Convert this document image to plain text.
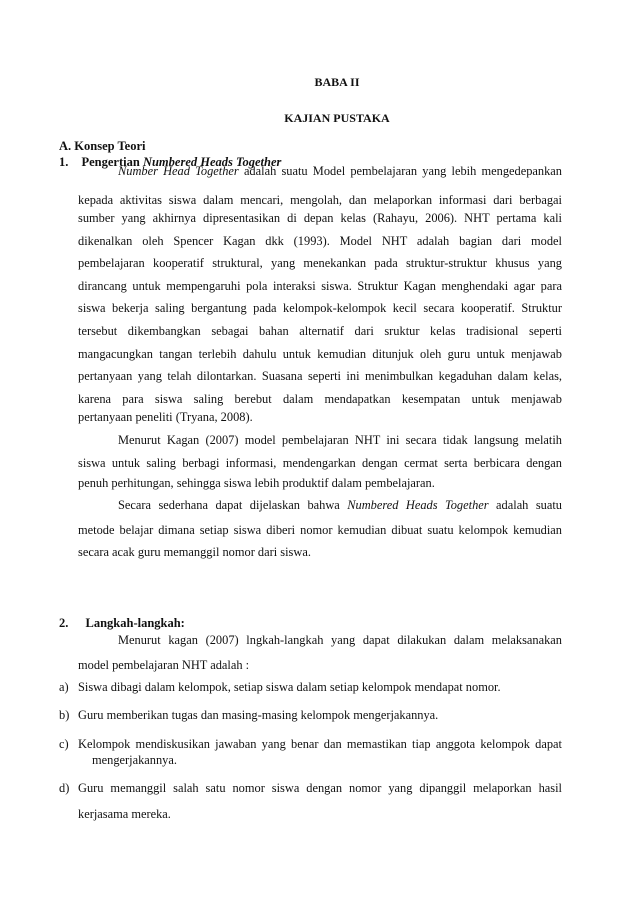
BABA II
KAJIAN PUSTAKA
A. Konsep Teori
1. Pengertian Numbered Heads Together
Number Head Together adalah suatu Model pembelajaran yang lebih mengedepankan
kepada aktivitas siswa dalam mencari, mengolah, dan melaporkan informasi dari berbagai
sumber yang akhirnya dipresentasikan di depan kelas (Rahayu, 2006). NHT pertama kali
dikenalkan oleh Spencer Kagan dkk (1993). Model NHT adalah bagian dari model
pembelajaran kooperatif struktural, yang menekankan pada struktur-struktur khusus yang
dirancang untuk mempengaruhi pola interaksi siswa. Struktur Kagan menghendaki agar para
siswa bekerja saling bergantung pada kelompok-kelompok kecil secara kooperatif. Struktur
tersebut dikembangkan sebagai bahan alternatif dari sruktur kelas tradisional seperti
mangacungkan tangan terlebih dahulu untuk kemudian ditunjuk oleh guru untuk menjawab
pertanyaan yang telah dilontarkan. Suasana seperti ini menimbulkan kegaduhan dalam kelas,
karena para siswa saling berebut dalam mendapatkan kesempatan untuk menjawab
pertanyaan peneliti (Tryana, 2008).
Menurut Kagan (2007) model pembelajaran NHT ini secara tidak langsung melatih
siswa untuk saling berbagi informasi, mendengarkan dengan cermat serta berbicara dengan
penuh perhitungan, sehingga siswa lebih produktif dalam pembelajaran.
Secara sederhana dapat dijelaskan bahwa Numbered Heads Together adalah suatu
metode belajar dimana setiap siswa diberi nomor kemudian dibuat suatu kelompok kemudian
secara acak guru memanggil nomor dari siswa.
2. Langkah-langkah:
Menurut kagan (2007) lngkah-langkah yang dapat dilakukan dalam melaksanakan
model pembelajaran NHT adalah :
a) Siswa dibagi dalam kelompok, setiap siswa dalam setiap kelompok mendapat nomor.
b) Guru memberikan tugas dan masing-masing kelompok mengerjakannya.
c) Kelompok mendiskusikan jawaban yang benar dan memastikan tiap anggota kelompok dapat
mengerjakannya.
d) Guru memanggil salah satu nomor siswa dengan nomor yang dipanggil melaporkan hasil
kerjasama mereka.
